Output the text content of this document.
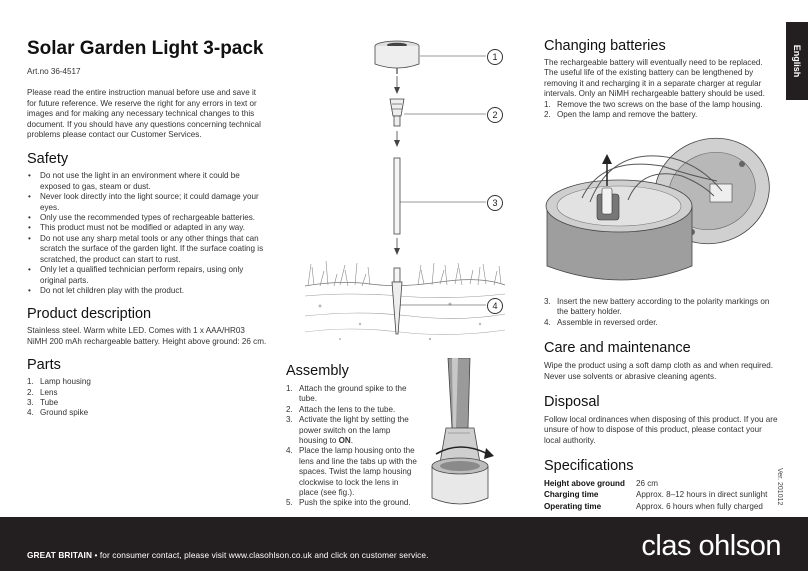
Solar Garden Light 3-pack

Art.no 36-4517

Please read the entire instruction manual before use and save it for future reference. We reserve the right for any errors in text or images and for making any necessary technical changes to this document. If you should have any questions concerning technical problems please contact our Customer Services.

Safety
• Do not use the light in an environment where it could be exposed to gas, steam or dust.
• Never look directly into the light source; it could damage your eyes.
• Only use the recommended types of rechargeable batteries.
• This product must not be modified or adapted in any way.
• Do not use any sharp metal tools or any other things that can scratch the surface of the garden light. If the surface coating is scratched, the product can start to rust.
• Only let a qualified technician perform repairs, using only original parts.
• Do not let children play with the product.
Product description

Stainless steel. Warm white LED. Comes with 1 x AAA/HR03 NiMH 200 mAh rechargeable battery. Height above ground: 26 cm.

Parts
1. Lamp housing
2. Lens
3. Tube
4. Ground spike
1
2
3
4
Assembly
1. Attach the ground spike to the tube.
2. Attach the lens to the tube.
3. Activate the light by setting the power switch on the lamp housing to ON.
4. Place the lamp housing onto the lens and line the tabs up with the spaces. Twist the lamp housing clockwise to lock the lens in place (see fig.).
5. Push the spike into the ground.
English
Changing batteries

The rechargeable battery will eventually need to be replaced. The useful life of the existing battery can be lengthened by removing it and recharging it in a separate charger at regular intervals. Only an NiMH rechargeable battery should be used.

1. Remove the two screws on the base of the lamp housing.
2. Open the lamp and remove the battery.
3. Insert the new battery according to the polarity markings on the battery holder.
4. Assemble in reversed order.
Care and maintenance

Wipe the product using a soft damp cloth as and when required. Never use solvents or abrasive cleaning agents.

Disposal

Follow local ordinances when disposing of this product. If you are unsure of how to dispose of this product, please contact your local authority.

Specifications
Height above ground	26 cm
Charging time	Approx. 8–12 hours in direct sunlight
Operating time	Approx. 6 hours when fully charged
Ver. 201012
GREAT BRITAIN • for consumer contact, please visit www.clasohlson.co.uk and click on customer service.	clas ohlson
